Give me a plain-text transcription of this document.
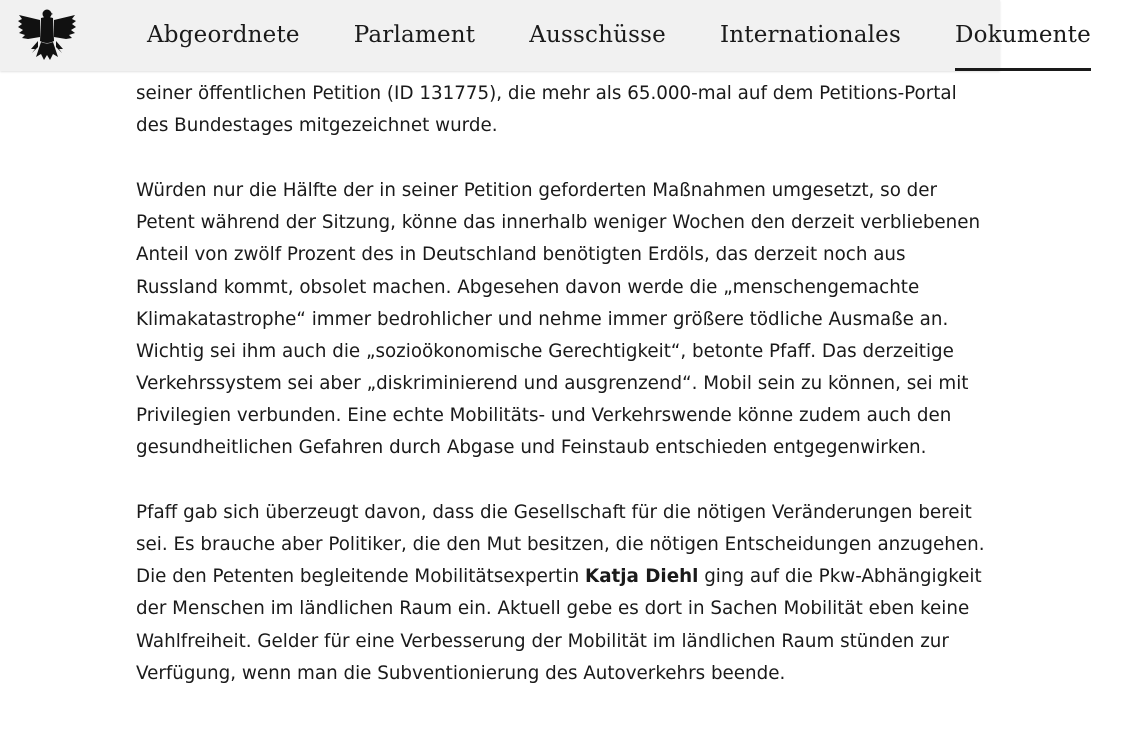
Abgeordnete Parlament Ausschüsse Internationales Dokumente

seiner öffentlichen Petition (ID 131775), die mehr als 65.000-mal auf dem Petitions-Portal des Bundestages mitgezeichnet wurde.

Würden nur die Hälfte der in seiner Petition geforderten Maßnahmen umgesetzt, so der Petent während der Sitzung, könne das innerhalb weniger Wochen den derzeit verbliebenen Anteil von zwölf Prozent des in Deutschland benötigten Erdöls, das derzeit noch aus Russland kommt, obsolet machen. Abgesehen davon werde die „menschengemachte Klimakatastrophe“ immer bedrohlicher und nehme immer größere tödliche Ausmaße an. Wichtig sei ihm auch die „sozioökonomische Gerechtigkeit“, betonte Pfaff. Das derzeitige Verkehrssystem sei aber „diskriminierend und ausgrenzend“. Mobil sein zu können, sei mit Privilegien verbunden. Eine echte Mobilitäts- und Verkehrswende könne zudem auch den gesundheitlichen Gefahren durch Abgase und Feinstaub entschieden entgegenwirken.

Pfaff gab sich überzeugt davon, dass die Gesellschaft für die nötigen Veränderungen bereit sei. Es brauche aber Politiker, die den Mut besitzen, die nötigen Entscheidungen anzugehen. Die den Petenten begleitende Mobilitätsexpertin Katja Diehl ging auf die Pkw-Abhängigkeit der Menschen im ländlichen Raum ein. Aktuell gebe es dort in Sachen Mobilität eben keine Wahlfreiheit. Gelder für eine Verbesserung der Mobilität im ländlichen Raum stünden zur Verfügung, wenn man die Subventionierung des Autoverkehrs beende.
